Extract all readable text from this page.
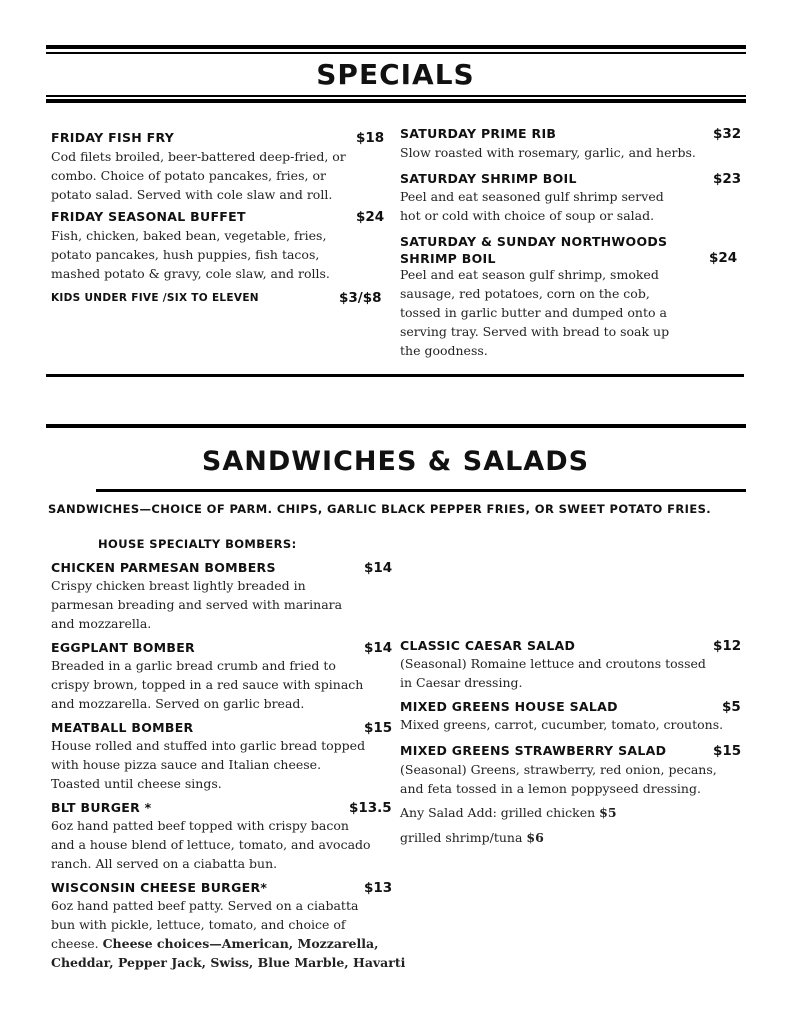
SPECIALS
FRIDAY FISH FRY	$18
Cod filets broiled, beer-battered deep-fried, or
combo. Choice of potato pancakes, fries, or
potato salad. Served with cole slaw and roll.
FRIDAY SEASONAL BUFFET	$24
Fish, chicken, baked bean, vegetable, fries,
potato pancakes, hush puppies, fish tacos,
mashed potato & gravy, cole slaw, and rolls.
KIDS UNDER FIVE /SIX TO ELEVEN	$3/$8
SATURDAY PRIME RIB	$32
Slow roasted with rosemary, garlic, and herbs.
SATURDAY SHRIMP BOIL	$23
Peel and eat seasoned gulf shrimp served
hot or cold with choice of soup or salad.
SATURDAY & SUNDAY NORTHWOODS
SHRIMP BOIL	$24
Peel and eat season gulf shrimp, smoked
sausage, red potatoes, corn on the cob,
tossed in garlic butter and dumped onto a
serving tray. Served with bread to soak up
the goodness.
SANDWICHES & SALADS
SANDWICHES—CHOICE OF PARM. CHIPS, GARLIC BLACK PEPPER FRIES, OR SWEET POTATO FRIES.
HOUSE SPECIALTY BOMBERS:
CHICKEN PARMESAN BOMBERS	$14
Crispy chicken breast lightly breaded in
parmesan breading and served with marinara
and mozzarella.
EGGPLANT BOMBER	$14
Breaded in a garlic bread crumb and fried to
crispy brown, topped in a red sauce with spinach
and mozzarella. Served on garlic bread.
MEATBALL BOMBER	$15
House rolled and stuffed into garlic bread topped
with house pizza sauce and Italian cheese.
Toasted until cheese sings.
BLT BURGER *	$13.5
6oz hand patted beef topped with crispy bacon
and a house blend of lettuce, tomato, and avocado
ranch. All served on a ciabatta bun.
WISCONSIN CHEESE BURGER*	$13
6oz hand patted beef patty. Served on a ciabatta
bun with pickle, lettuce, tomato, and choice of
cheese. Cheese choices—American, Mozzarella,
Cheddar, Pepper Jack, Swiss, Blue Marble, Havarti
CLASSIC CAESAR SALAD	$12
(Seasonal) Romaine lettuce and croutons tossed
in Caesar dressing.
MIXED GREENS HOUSE SALAD	$5
Mixed greens, carrot, cucumber, tomato, croutons.
MIXED GREENS STRAWBERRY SALAD	$15
(Seasonal) Greens, strawberry, red onion, pecans,
and feta tossed in a lemon poppyseed dressing.
Any Salad Add: grilled chicken $5
grilled shrimp/tuna $6
